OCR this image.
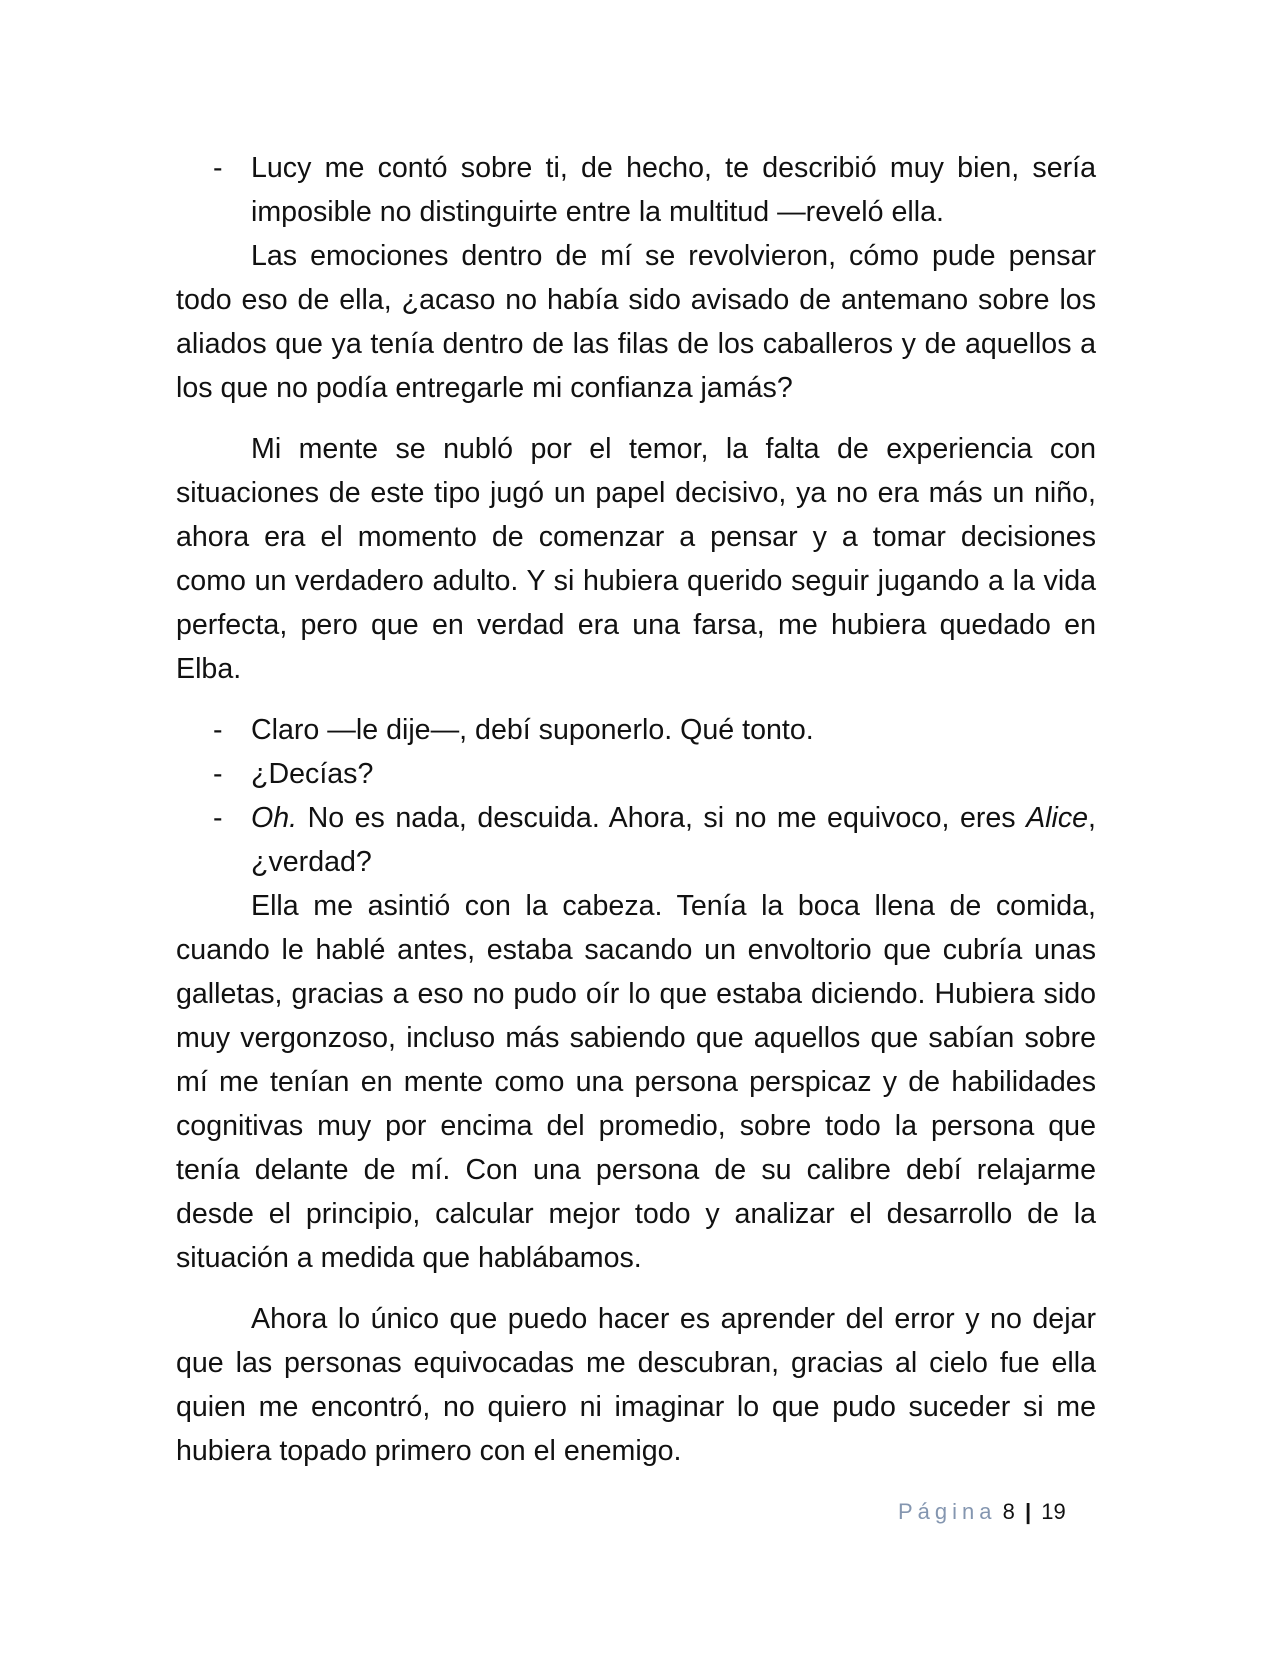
- Lucy me contó sobre ti, de hecho, te describió muy bien, sería imposible no distinguirte entre la multitud —reveló ella.

Las emociones dentro de mí se revolvieron, cómo pude pensar todo eso de ella, ¿acaso no había sido avisado de antemano sobre los aliados que ya tenía dentro de las filas de los caballeros y de aquellos a los que no podía entregarle mi confianza jamás?

Mi mente se nubló por el temor, la falta de experiencia con situaciones de este tipo jugó un papel decisivo, ya no era más un niño, ahora era el momento de comenzar a pensar y a tomar decisiones como un verdadero adulto. Y si hubiera querido seguir jugando a la vida perfecta, pero que en verdad era una farsa, me hubiera quedado en Elba.

- Claro —le dije—, debí suponerlo. Qué tonto.
- ¿Decías?
- Oh. No es nada, descuida. Ahora, si no me equivoco, eres Alice, ¿verdad?

Ella me asintió con la cabeza. Tenía la boca llena de comida, cuando le hablé antes, estaba sacando un envoltorio que cubría unas galletas, gracias a eso no pudo oír lo que estaba diciendo. Hubiera sido muy vergonzoso, incluso más sabiendo que aquellos que sabían sobre mí me tenían en mente como una persona perspicaz y de habilidades cognitivas muy por encima del promedio, sobre todo la persona que tenía delante de mí. Con una persona de su calibre debí relajarme desde el principio, calcular mejor todo y analizar el desarrollo de la situación a medida que hablábamos.

Ahora lo único que puedo hacer es aprender del error y no dejar que las personas equivocadas me descubran, gracias al cielo fue ella quien me encontró, no quiero ni imaginar lo que pudo suceder si me hubiera topado primero con el enemigo.

Página 8 | 19
